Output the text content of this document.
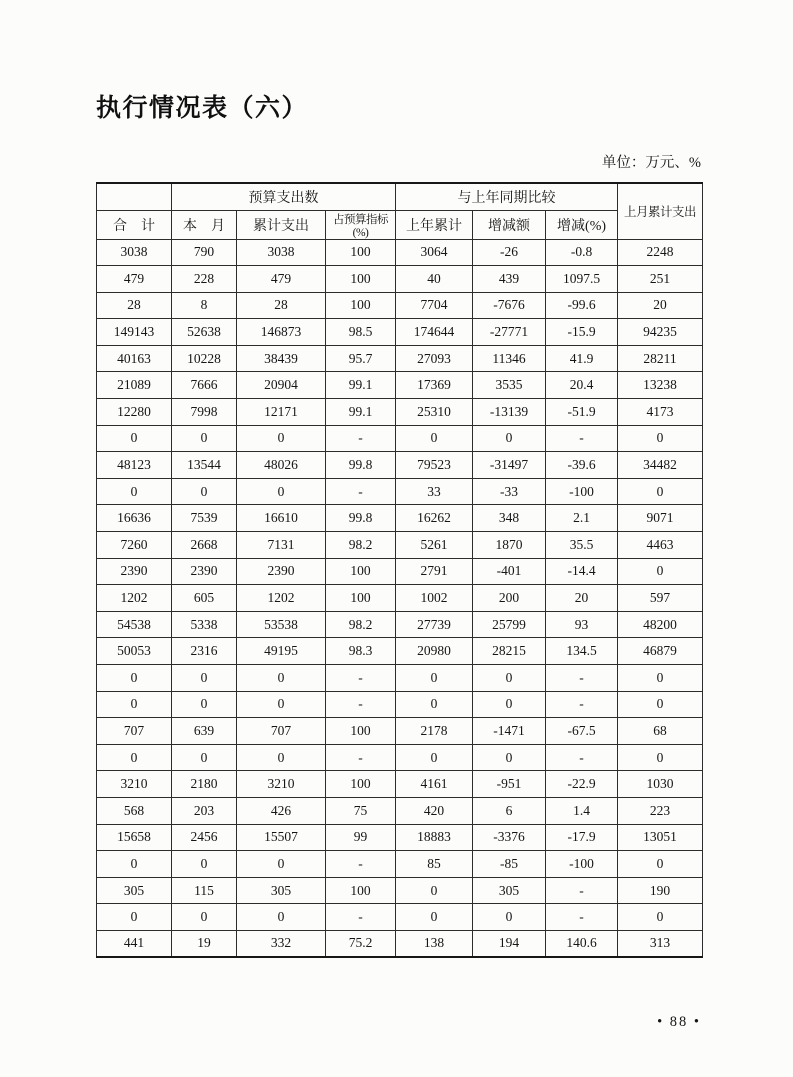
执行情况表（六）
单位：万元、%
	预算支出数			与上年同期比较			上月累计支出
合　计	本　月	累计支出	占预算指标(%)	上年累计	增减额	增减(%)	
3038	790	3038	100	3064	-26	-0.8	2248
479	228	479	100	40	439	1097.5	251
28	8	28	100	7704	-7676	-99.6	20
149143	52638	146873	98.5	174644	-27771	-15.9	94235
40163	10228	38439	95.7	27093	11346	41.9	28211
21089	7666	20904	99.1	17369	3535	20.4	13238
12280	7998	12171	99.1	25310	-13139	-51.9	4173
0	0	0	-	0	0	-	0
48123	13544	48026	99.8	79523	-31497	-39.6	34482
0	0	0	-	33	-33	-100	0
16636	7539	16610	99.8	16262	348	2.1	9071
7260	2668	7131	98.2	5261	1870	35.5	4463
2390	2390	2390	100	2791	-401	-14.4	0
1202	605	1202	100	1002	200	20	597
54538	5338	53538	98.2	27739	25799	93	48200
50053	2316	49195	98.3	20980	28215	134.5	46879
0	0	0	-	0	0	-	0
0	0	0	-	0	0	-	0
707	639	707	100	2178	-1471	-67.5	68
0	0	0	-	0	0	-	0
3210	2180	3210	100	4161	-951	-22.9	1030
568	203	426	75	420	6	1.4	223
15658	2456	15507	99	18883	-3376	-17.9	13051
0	0	0	-	85	-85	-100	0
305	115	305	100	0	305	-	190
0	0	0	-	0	0	-	0
441	19	332	75.2	138	194	140.6	313
• 88 •
